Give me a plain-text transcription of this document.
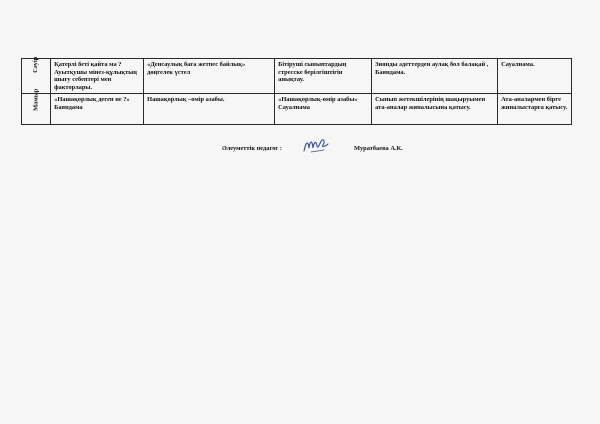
Сәуір	Қатерлі беті қайта ма ? Ауытқушы мінез-құлықтың шығу себептері мен факторлары.	«Денсаулық баға жетпес байлық» дөңгелек үстел	Бітіруші сыныптардың стресске берілгіштігін анықтау.	Зиянды әдеттерден аулақ бол балақай , Баяндама.	Сауалнама.
Мамыр	«Нашақорлық деген не ?» Баяндама	Нашақорлық –өмір азабы.	«Нашақорлық-өмір азабы» Сауалнама	Сынып жетекшілерінің шақыруымен ата-аналар жиналысына қатысу.	Ата-аналармен бірге жиналыстарға қатысу.
Әлеуметтік педагог :	Муратбаева А.К.
